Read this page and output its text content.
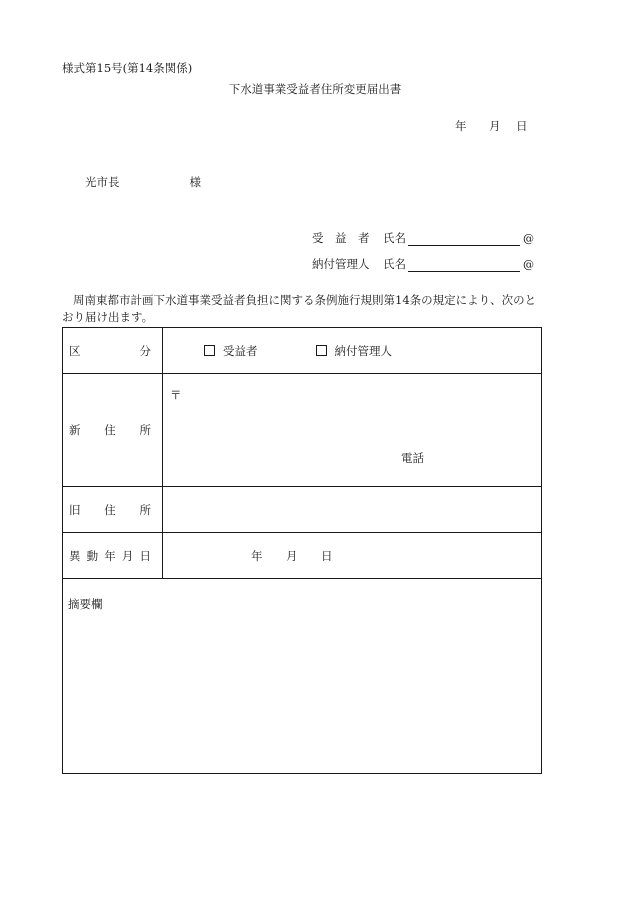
様式第15号(第14条関係)
下水道事業受益者住所変更届出書
年 月 日
光市長	様
受　益　者 氏名	@
納付管理人 氏名	@
周南東都市計画下水道事業受益者負担に関する条例施行規則第14条の規定により、次のとおり届け出ます。
区 分	受益者 納付管理人

新 住 所	〒
電話

旧 住 所	

異 動 年 月 日	年 月 日
摘要欄	
